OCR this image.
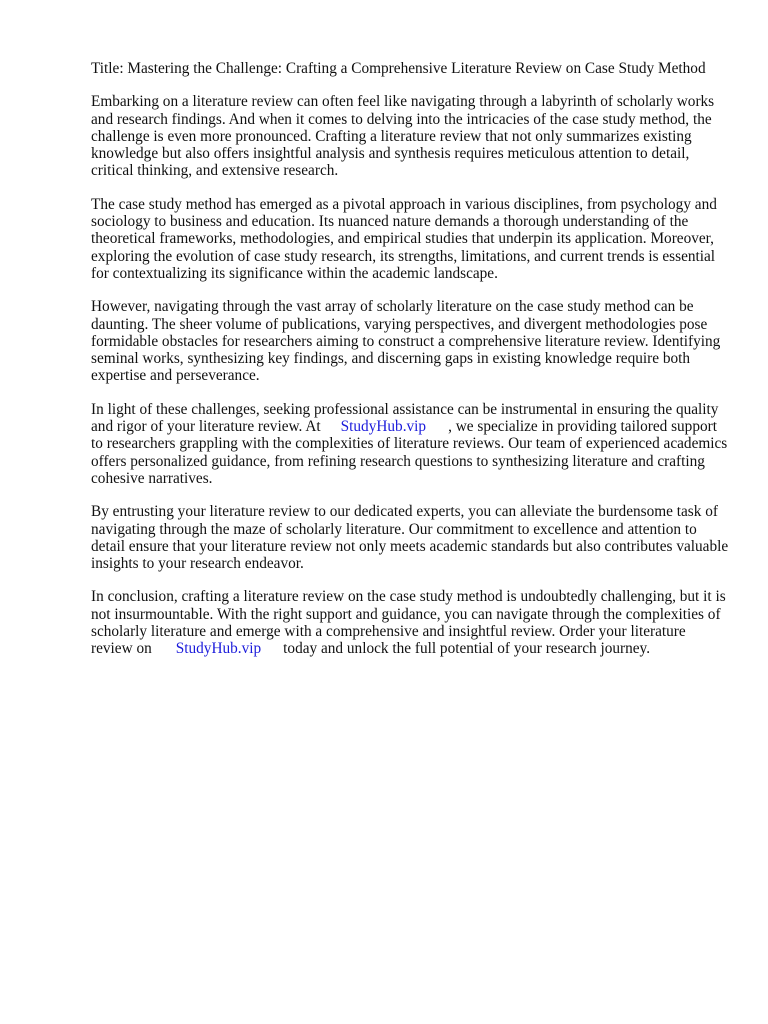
Title: Mastering the Challenge: Crafting a Comprehensive Literature Review on Case Study Method

Embarking on a literature review can often feel like navigating through a labyrinth of scholarly works and research findings. And when it comes to delving into the intricacies of the case study method, the challenge is even more pronounced. Crafting a literature review that not only summarizes existing knowledge but also offers insightful analysis and synthesis requires meticulous attention to detail, critical thinking, and extensive research.

The case study method has emerged as a pivotal approach in various disciplines, from psychology and sociology to business and education. Its nuanced nature demands a thorough understanding of the theoretical frameworks, methodologies, and empirical studies that underpin its application. Moreover, exploring the evolution of case study research, its strengths, limitations, and current trends is essential for contextualizing its significance within the academic landscape.

However, navigating through the vast array of scholarly literature on the case study method can be daunting. The sheer volume of publications, varying perspectives, and divergent methodologies pose formidable obstacles for researchers aiming to construct a comprehensive literature review. Identifying seminal works, synthesizing key findings, and discerning gaps in existing knowledge require both expertise and perseverance.

In light of these challenges, seeking professional assistance can be instrumental in ensuring the quality and rigor of your literature review. At StudyHub.vip , we specialize in providing tailored support to researchers grappling with the complexities of literature reviews. Our team of experienced academics offers personalized guidance, from refining research questions to synthesizing literature and crafting cohesive narratives.

By entrusting your literature review to our dedicated experts, you can alleviate the burdensome task of navigating through the maze of scholarly literature. Our commitment to excellence and attention to detail ensure that your literature review not only meets academic standards but also contributes valuable insights to your research endeavor.

In conclusion, crafting a literature review on the case study method is undoubtedly challenging, but it is not insurmountable. With the right support and guidance, you can navigate through the complexities of scholarly literature and emerge with a comprehensive and insightful review. Order your literature review on StudyHub.vip today and unlock the full potential of your research journey.
